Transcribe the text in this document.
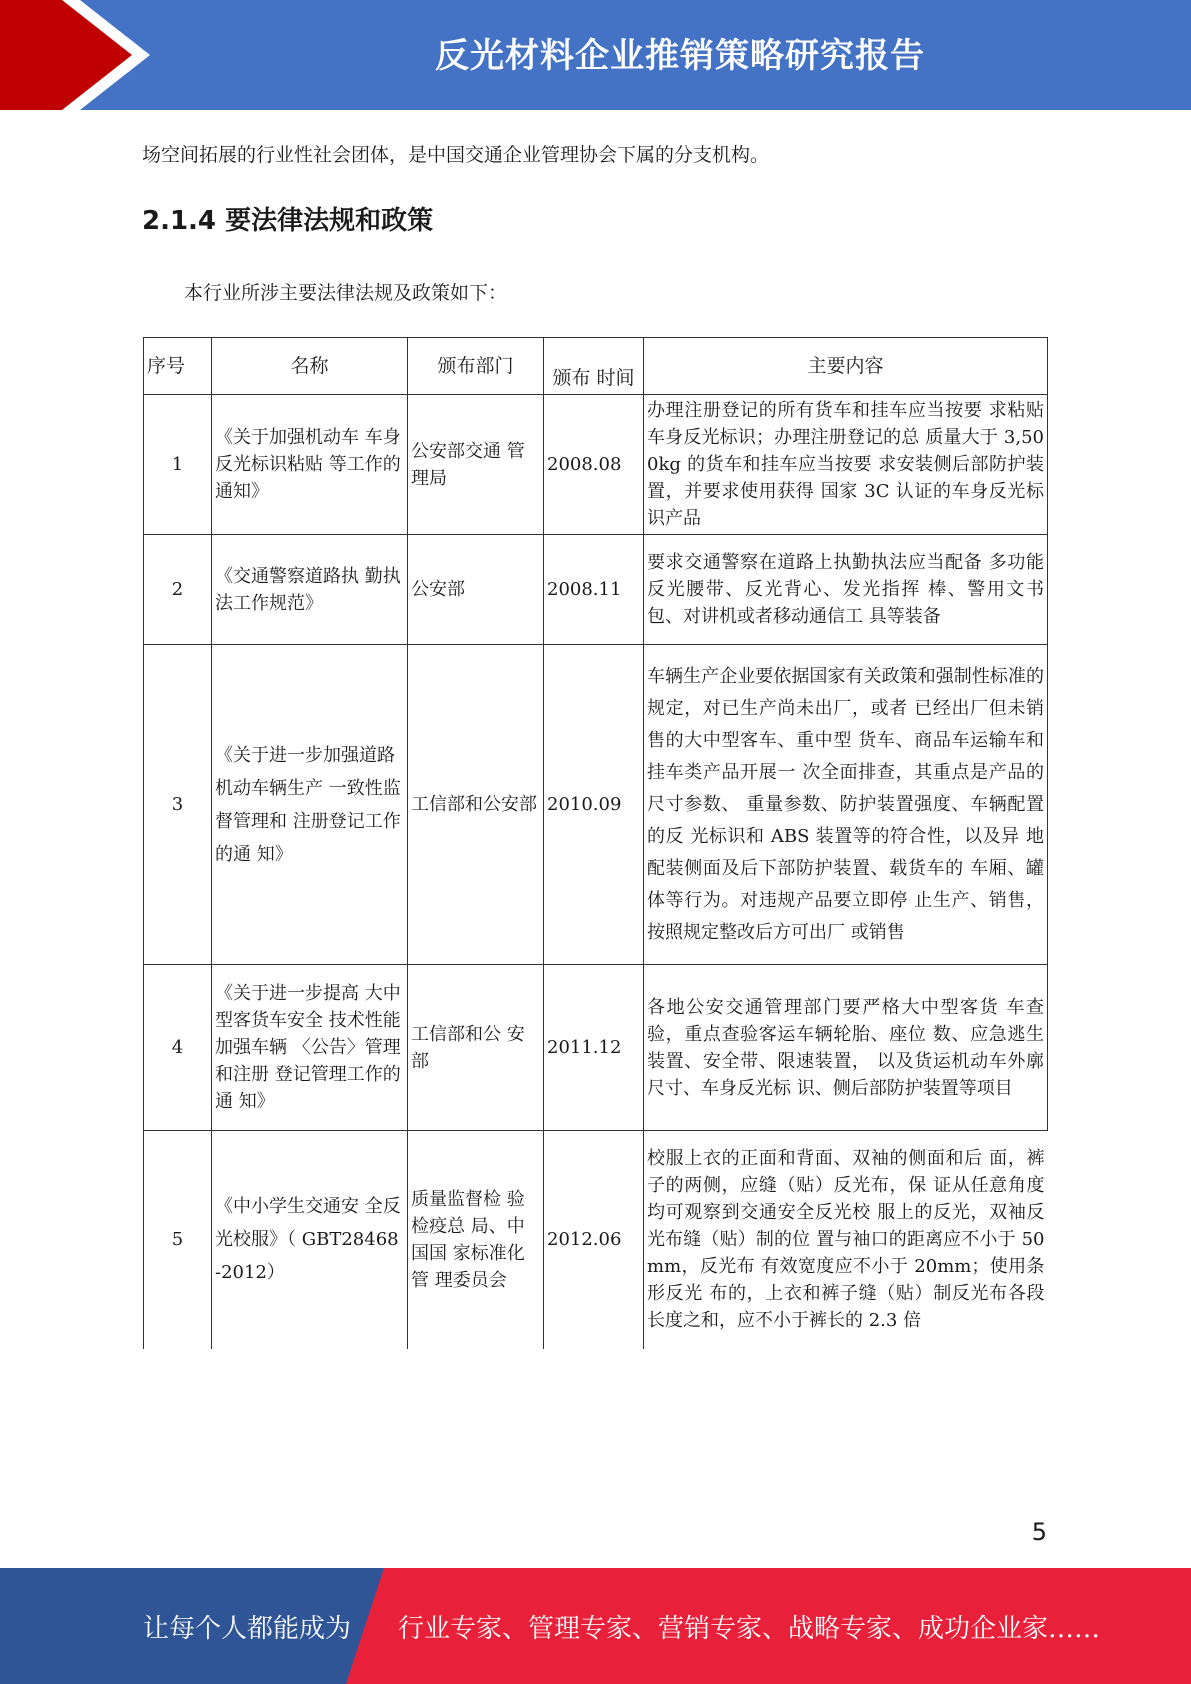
反光材料企业推销策略研究报告
场空间拓展的行业性社会团体，是中国交通企业管理协会下属的分支机构。
2.1.4 要法律法规和政策
本行业所涉主要法律法规及政策如下：
序号	名称	颁布部门	颁布 时间	主要内容
1	《关于加强机动车 车身反光标识粘贴 等工作的通知》	公安部交通 管理局	2008.08	办理注册登记的所有货车和挂车应当按要 求粘贴车身反光标识；办理注册登记的总 质量大于 3,500kg 的货车和挂车应当按要 求安装侧后部防护装置，并要求使用获得 国家 3C 认证的车身反光标识产品
2	《交通警察道路执 勤执法工作规范》	公安部	2008.11	要求交通警察在道路上执勤执法应当配备 多功能反光腰带、反光背心、发光指挥 棒、警用文书包、对讲机或者移动通信工 具等装备
3	《关于进一步加强道路机动车辆生产 一致性监督管理和 注册登记工作的通 知》	工信部和公安部	2010.09	车辆生产企业要依据国家有关政策和强制性标准的规定，对已生产尚未出厂，或者 已经出厂但未销售的大中型客车、重中型 货车、商品车运输车和挂车类产品开展一 次全面排查，其重点是产品的尺寸参数、 重量参数、防护装置强度、车辆配置的反 光标识和 ABS 装置等的符合性，以及异 地配装侧面及后下部防护装置、载货车的 车厢、罐体等行为。对违规产品要立即停 止生产、销售，按照规定整改后方可出厂 或销售
4	《关于进一步提高 大中型客货车安全 技术性能加强车辆 〈公告〉管理和注册 登记管理工作的通 知》	工信部和公 安部	2011.12	各地公安交通管理部门要严格大中型客货 车查验，重点查验客运车辆轮胎、座位 数、应急逃生装置、安全带、限速装置， 以及货运机动车外廓尺寸、车身反光标 识、侧后部防护装置等项目
5	《中小学生交通安 全反光校服》（ GBT28468-2012）	质量监督检 验检疫总 局、中国国 家标准化管 理委员会	2012.06	校服上衣的正面和背面、双袖的侧面和后 面，裤子的两侧，应缝（贴）反光布，保 证从任意角度均可观察到交通安全反光校 服上的反光，双袖反光布缝（贴）制的位 置与袖口的距离应不小于 50mm，反光布 有效宽度应不小于 20mm；使用条形反光 布的，上衣和裤子缝（贴）制反光布各段 长度之和，应不小于裤长的 2.3 倍
5
让每个人都能成为 行业专家、管理专家、营销专家、战略专家、成功企业家……
